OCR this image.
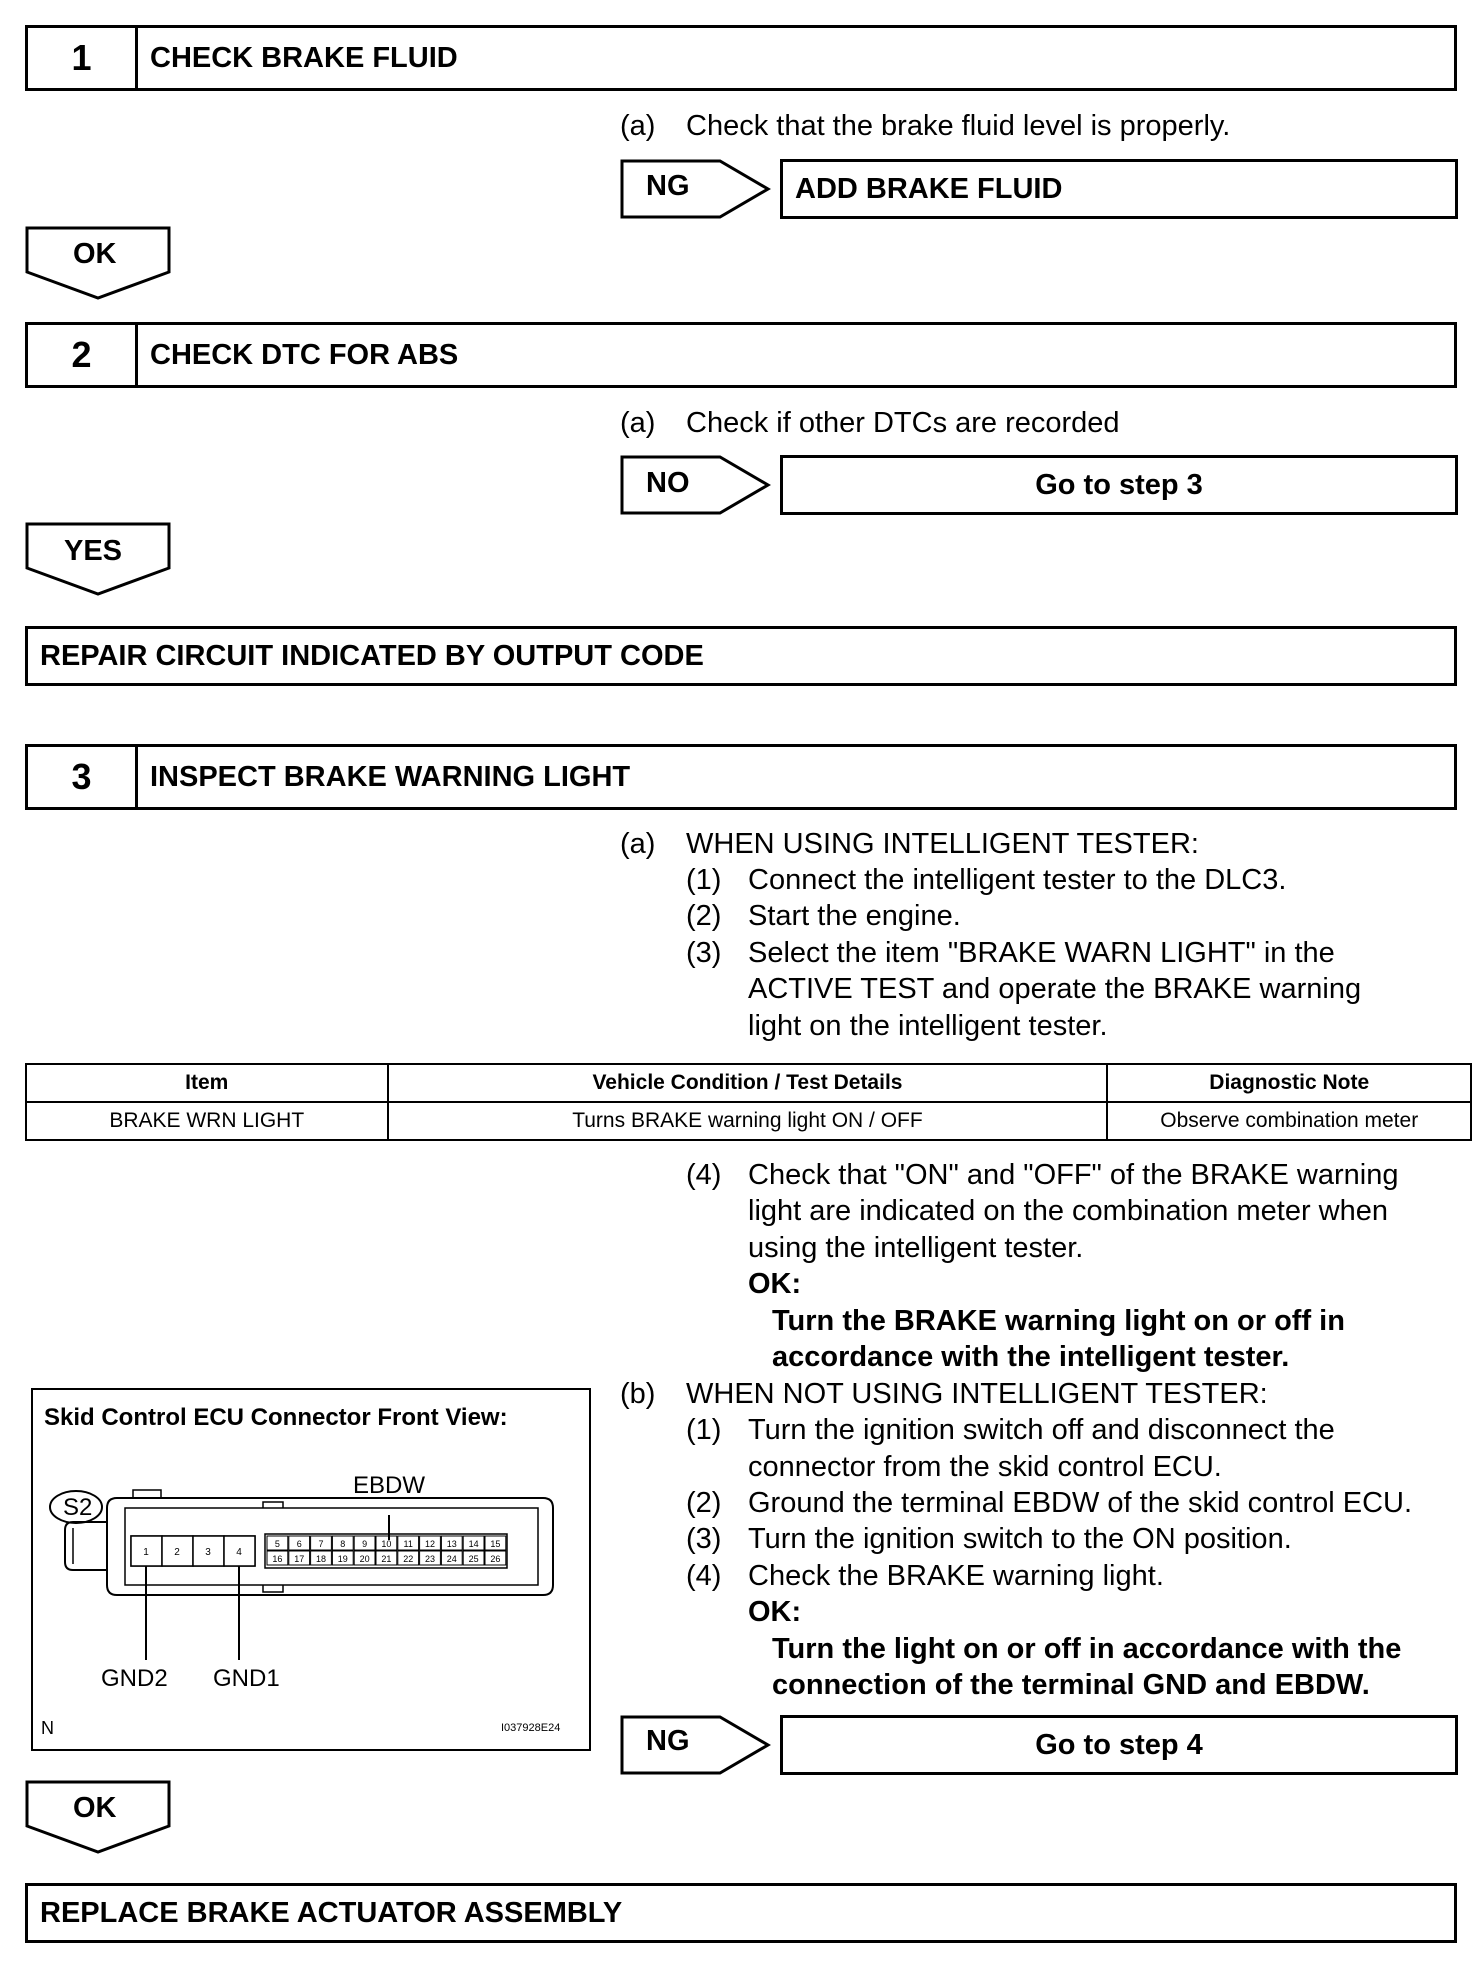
1	CHECK BRAKE FLUID
(a) Check that the brake fluid level is properly.
NG	ADD BRAKE FLUID
OK
2	CHECK DTC FOR ABS
(a) Check if other DTCs are recorded
NO	Go to step 3
YES
REPAIR CIRCUIT INDICATED BY OUTPUT CODE
3	INSPECT BRAKE WARNING LIGHT
(a) WHEN USING INTELLIGENT TESTER:
(1) Connect the intelligent tester to the DLC3.
(2) Start the engine.
(3) Select the item "BRAKE WARN LIGHT" in the
ACTIVE TEST and operate the BRAKE warning
light on the intelligent tester.
Item	Vehicle Condition / Test Details	Diagnostic Note
BRAKE WRN LIGHT	Turns BRAKE warning light ON / OFF	Observe combination meter
(4) Check that "ON" and "OFF" of the BRAKE warning
light are indicated on the combination meter when
using the intelligent tester.
OK:
Turn the BRAKE warning light on or off in
accordance with the intelligent tester.
(b) WHEN NOT USING INTELLIGENT TESTER:
(1) Turn the ignition switch off and disconnect the
connector from the skid control ECU.
(2) Ground the terminal EBDW of the skid control ECU.
(3) Turn the ignition switch to the ON position.
(4) Check the BRAKE warning light.
OK:
Turn the light on or off in accordance with the
connection of the terminal GND and EBDW.
Skid Control ECU Connector Front View:
5 6 7 8 9 10 11 12 13 14 15
16 17 18 19 20 21 22 23 24 25 26
1	2	3	4
S2
EBDW
GND2 GND1
N	I037928E24	NG	Go to step 4
OK
REPLACE BRAKE ACTUATOR ASSEMBLY
